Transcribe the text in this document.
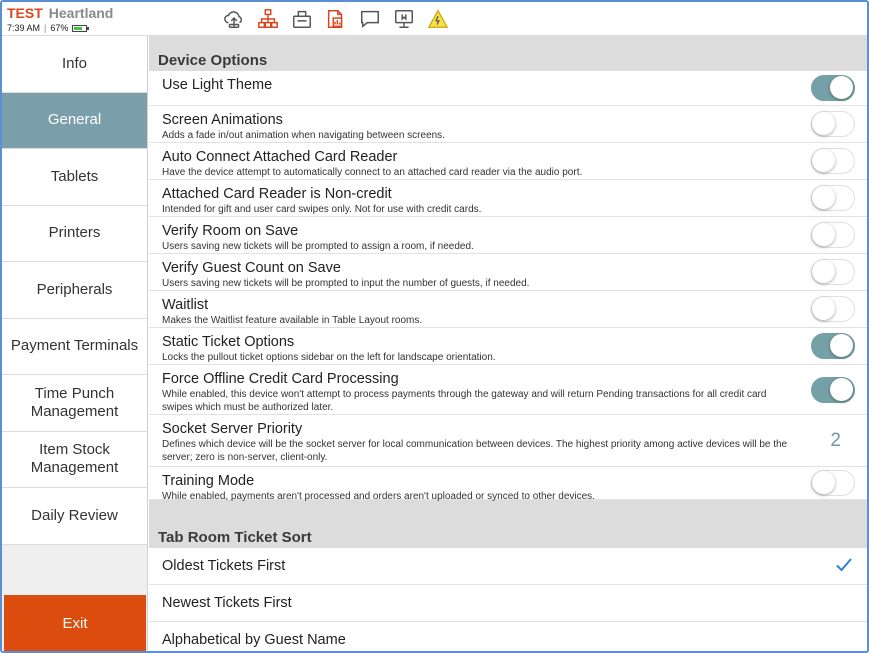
TEST Heartland
7:39 AM | 67%
Info
General
Tablets
Printers
Peripherals
Payment Terminals
Time Punch Management
Item Stock Management
Daily Review
Exit
Device Options
Use Light Theme
Screen Animations
Adds a fade in/out animation when navigating between screens.
Auto Connect Attached Card Reader
Have the device attempt to automatically connect to an attached card reader via the audio port.
Attached Card Reader is Non-credit
Intended for gift and user card swipes only. Not for use with credit cards.
Verify Room on Save
Users saving new tickets will be prompted to assign a room, if needed.
Verify Guest Count on Save
Users saving new tickets will be prompted to input the number of guests, if needed.
Waitlist
Makes the Waitlist feature available in Table Layout rooms.
Static Ticket Options
Locks the pullout ticket options sidebar on the left for landscape orientation.
Force Offline Credit Card Processing
While enabled, this device won't attempt to process payments through the gateway and will return Pending transactions for all credit card swipes which must be authorized later.
Socket Server Priority
Defines which device will be the socket server for local communication between devices. The highest priority among active devices will be the server; zero is non-server, client-only.
2
Training Mode
While enabled, payments aren't processed and orders aren't uploaded or synced to other devices.
Tab Room Ticket Sort
Oldest Tickets First
Newest Tickets First
Alphabetical by Guest Name
